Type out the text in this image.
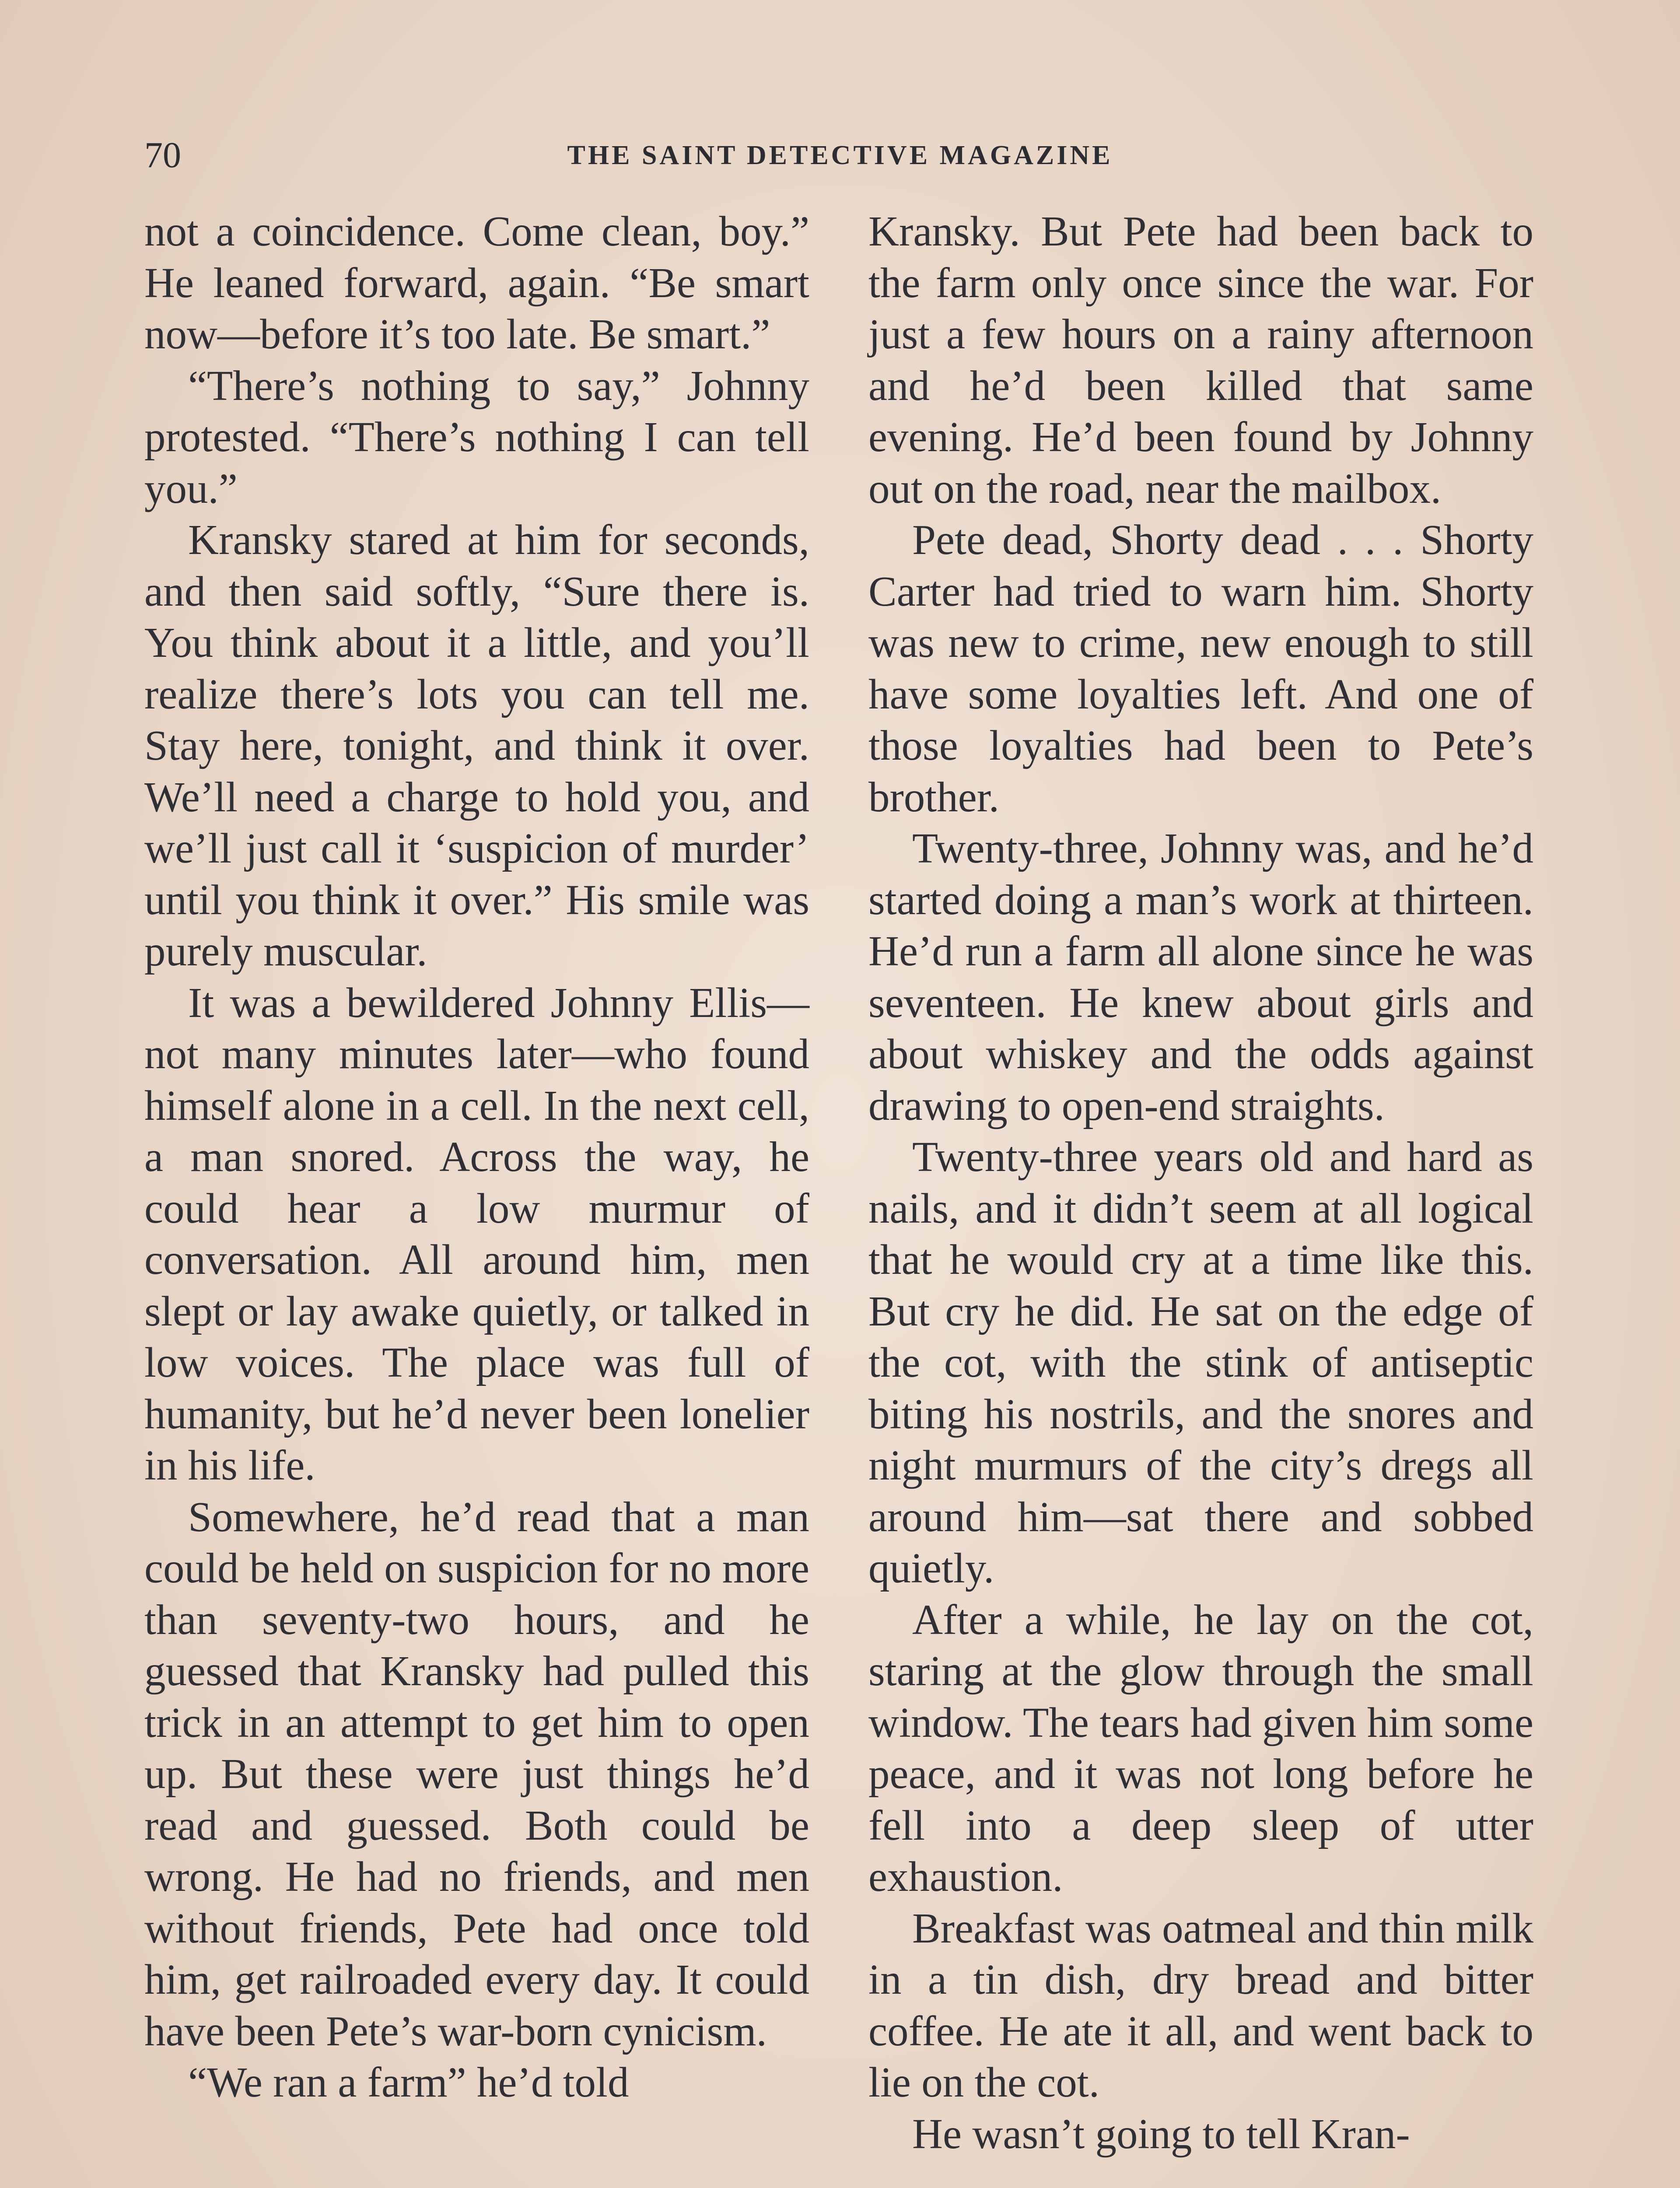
70	THE SAINT DETECTIVE MAGAZINE

not a coincidence. Come clean, boy.” He leaned forward, again. “Be smart now—before it’s too late. Be smart.”

“There’s nothing to say,” Johnny protested. “There’s nothing I can tell you.”

Kransky stared at him for seconds, and then said softly, “Sure there is. You think about it a little, and you’ll realize there’s lots you can tell me. Stay here, tonight, and think it over. We’ll need a charge to hold you, and we’ll just call it ‘suspicion of murder’ until you think it over.” His smile was purely muscular.

It was a bewildered Johnny Ellis—not many minutes later—who found himself alone in a cell. In the next cell, a man snored. Across the way, he could hear a low murmur of conversation. All around him, men slept or lay awake quietly, or talked in low voices. The place was full of humanity, but he’d never been lonelier in his life.

Somewhere, he’d read that a man could be held on suspicion for no more than seventy-two hours, and he guessed that Kransky had pulled this trick in an attempt to get him to open up. But these were just things he’d read and guessed. Both could be wrong. He had no friends, and men without friends, Pete had once told him, get railroaded every day. It could have been Pete’s war-born cynicism.

“We ran a farm” he’d told

Kransky. But Pete had been back to the farm only once since the war. For just a few hours on a rainy afternoon and he’d been killed that same evening. He’d been found by Johnny out on the road, near the mailbox.

Pete dead, Shorty dead . . . Shorty Carter had tried to warn him. Shorty was new to crime, new enough to still have some loyalties left. And one of those loyalties had been to Pete’s brother.

Twenty-three, Johnny was, and he’d started doing a man’s work at thirteen. He’d run a farm all alone since he was seventeen. He knew about girls and about whiskey and the odds against drawing to open-end straights.

Twenty-three years old and hard as nails, and it didn’t seem at all logical that he would cry at a time like this. But cry he did. He sat on the edge of the cot, with the stink of antiseptic biting his nostrils, and the snores and night murmurs of the city’s dregs all around him—sat there and sobbed quietly.

After a while, he lay on the cot, staring at the glow through the small window. The tears had given him some peace, and it was not long before he fell into a deep sleep of utter exhaustion.

Breakfast was oatmeal and thin milk in a tin dish, dry bread and bitter coffee. He ate it all, and went back to lie on the cot.

He wasn’t going to tell Kran-
